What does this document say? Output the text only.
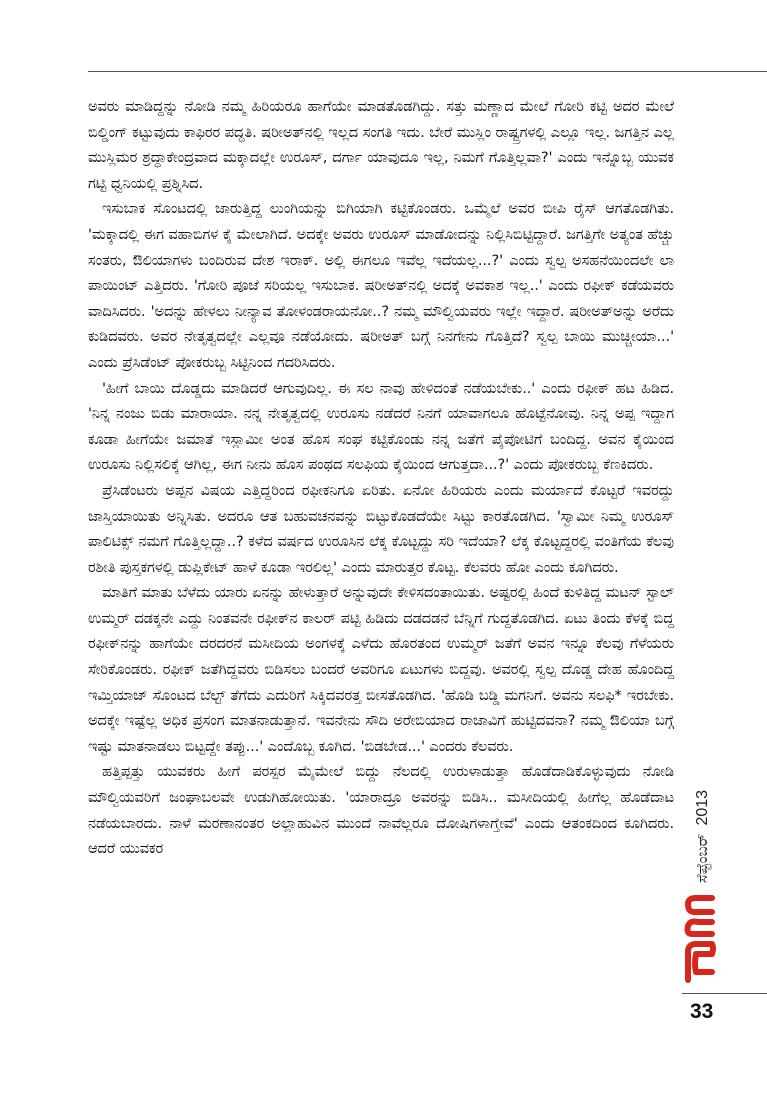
ಅವರು ಮಾಡಿದ್ದನ್ನು ನೋಡಿ ನಮ್ಮ ಹಿರಿಯರೂ ಹಾಗೆಯೇ ಮಾಡತೊಡಗಿದ್ದು. ಸತ್ತು ಮಣ್ಣಾದ ಮೇಲೆ ಗೋರಿ ಕಟ್ಟಿ ಅದರ ಮೇಲೆ ಬಿಲ್ಡಿಂಗ್ ಕಟ್ಟುವುದು ಕಾಫಿರರ ಪದ್ಧತಿ. ಷರೀಅತ್‌ನಲ್ಲಿ ಇಲ್ಲದ ಸಂಗತಿ ಇದು. ಬೇರೆ ಮುಸ್ಲಿಂ ರಾಷ್ಟ್ರಗಳಲ್ಲಿ ಎಲ್ಲೂ ಇಲ್ಲ. ಜಗತ್ತಿನ ಎಲ್ಲ ಮುಸ್ಲಿಮರ ಶ್ರದ್ಧಾಕೇಂದ್ರವಾದ ಮಕ್ಕಾದಲ್ಲೇ ಉರೂಸ್, ದರ್ಗಾ ಯಾವುದೂ ಇಲ್ಲ, ನಿಮಗೆ ಗೊತ್ತಿಲ್ಲವಾ?' ಎಂದು ಇನ್ನೊಬ್ಬ ಯುವಕ ಗಟ್ಟಿ ಧ್ವನಿಯಲ್ಲಿ ಪ್ರಶ್ನಿಸಿದ.

ಇಸುಬಾಕ ಸೊಂಟದಲ್ಲಿ ಜಾರುತ್ತಿದ್ದ ಲುಂಗಿಯನ್ನು ಬಿಗಿಯಾಗಿ ಕಟ್ಟಿಕೊಂಡರು. ಒಮ್ಮೆಲೆ ಅವರ ಬೀಪಿ ರೈಸ್ ಆಗತೊಡಗಿತು. 'ಮಕ್ಕಾದಲ್ಲಿ ಈಗ ವಹಾಬಿಗಳ ಕೈ ಮೇಲಾಗಿದೆ. ಅದಕ್ಕೇ ಅವರು ಉರೂಸ್ ಮಾಡೋದನ್ನು ನಿಲ್ಲಿಸಿಬಿಟ್ಟಿದ್ದಾರೆ. ಜಗತ್ತಿಗೇ ಅತ್ಯಂತ ಹೆಚ್ಚು ಸಂತರು, ಔಲಿಯಾಗಳು ಬಂದಿರುವ ದೇಶ ಇರಾಕ್. ಅಲ್ಲಿ ಈಗಲೂ ಇವೆಲ್ಲ ಇದೆಯಲ್ಲ...?' ಎಂದು ಸ್ವಲ್ಪ ಅಸಹನೆಯಿಂದಲೇ ಲಾ ಪಾಯಿಂಟ್ ಎತ್ತಿದರು. 'ಗೋರಿ ಪೂಜೆ ಸರಿಯಲ್ಲ ಇಸುಬಾಕ. ಷರೀಅತ್‌ನಲ್ಲಿ ಅದಕ್ಕೆ ಅವಕಾಶ ಇಲ್ಲ..' ಎಂದು ರಫೀಕ್ ಕಡೆಯವರು ವಾದಿಸಿದರು. 'ಅದನ್ನು ಹೇಳಲು ನೀನ್ಯಾವ ತೋಳಂಡರಾಯನೋ..? ನಮ್ಮ ಮೌಲ್ವಿಯವರು ಇಲ್ಲೇ ಇದ್ದಾರೆ. ಷರೀಅತ್‌ಅನ್ನು ಅರೆದು ಕುಡಿದವರು. ಅವರ ನೇತೃತ್ವದಲ್ಲೇ ಎಲ್ಲವೂ ನಡೆಯೋದು. ಷರೀಅತ್ ಬಗ್ಗೆ ನಿನಗೇನು ಗೊತ್ತಿದೆ? ಸ್ವಲ್ಪ ಬಾಯಿ ಮುಚ್ಚೀಯಾ...' ಎಂದು ಪ್ರೆಸಿಡೆಂಟ್ ಪೋಕರುಬ್ಬ ಸಿಟ್ಟಿನಿಂದ ಗದರಿಸಿದರು.

'ಹೀಗೆ ಬಾಯಿ ದೊಡ್ಡದು ಮಾಡಿದರೆ ಆಗುವುದಿಲ್ಲ. ಈ ಸಲ ನಾವು ಹೇಳಿದಂತೆ ನಡೆಯಬೇಕು..' ಎಂದು ರಫೀಕ್ ಹಟ ಹಿಡಿದ. 'ನಿನ್ನ ನಂಜು ಬಿಡು ಮಾರಾಯಾ. ನನ್ನ ನೇತೃತ್ವದಲ್ಲಿ ಉರೂಸು ನಡೆದರೆ ನಿನಗೆ ಯಾವಾಗಲೂ ಹೊಟ್ಟೆನೋವು. ನಿನ್ನ ಅಪ್ಪ ಇದ್ದಾಗ ಕೂಡಾ ಹೀಗೆಯೇ ಜಮಾತೆ ಇಸ್ಲಾಮೀ ಅಂತ ಹೊಸ ಸಂಘ ಕಟ್ಟಿಕೊಂಡು ನನ್ನ ಜತೆಗೆ ಪೈಪೋಟಿಗೆ ಬಂದಿದ್ದ. ಅವನ ಕೈಯಿಂದ ಉರೂಸು ನಿಲ್ಲಿಸಲಿಕ್ಕೆ ಆಗಿಲ್ಲ, ಈಗ ನೀನು ಹೊಸ ಪಂಥದ ಸಲಫಿಯ ಕೈಯಿಂದ ಆಗುತ್ತದಾ...?' ಎಂದು ಪೋಕರುಬ್ಬ ಕೆಣಕಿದರು.

ಪ್ರೆಸಿಡೆಂಟರು ಅಪ್ಪನ ವಿಷಯ ಎತ್ತಿದ್ದರಿಂದ ರಫೀಕನಿಗೂ ಏರಿತು. ಏನೋ ಹಿರಿಯರು ಎಂದು ಮರ್ಯಾದೆ ಕೊಟ್ಟರೆ ಇವರದ್ದು ಜಾಸ್ತಿಯಾಯಿತು ಅನ್ನಿಸಿತು. ಅದರೂ ಆತ ಬಹುವಚನವನ್ನು ಬಿಟ್ಟುಕೊಡದೆಯೇ ಸಿಟ್ಟು ಕಾರತೊಡಗಿದ. 'ಸ್ವಾಮೀ ನಿಮ್ಮ ಉರೂಸ್ ಪಾಲಿಟಿಕ್ಸ್ ನಮಗೆ ಗೊತ್ತಿಲ್ಲದ್ದಾ..? ಕಳೆದ ವರ್ಷದ ಉರೂಸಿನ ಲೆಕ್ಕ ಕೊಟ್ಟದ್ದು ಸರಿ ಇದೆಯಾ? ಲೆಕ್ಕ ಕೊಟ್ಟದ್ದರಲ್ಲಿ ವಂತಿಗೆಯ ಕೆಲವು ರಶೀತಿ ಪುಸ್ತಕಗಳಲ್ಲಿ ಡುಪ್ಲಿಕೇಟ್ ಹಾಳೆ ಕೂಡಾ ಇರಲಿಲ್ಲ' ಎಂದು ಮಾರುತ್ತರ ಕೊಟ್ಟ. ಕೆಲವರು ಹೋ ಎಂದು ಕೂಗಿದರು.

ಮಾತಿಗೆ ಮಾತು ಬೆಳೆದು ಯಾರು ಏನನ್ನು ಹೇಳುತ್ತಾರೆ ಅನ್ನುವುದೇ ಕೇಳಿಸದಂತಾಯಿತು. ಅಷ್ಟರಲ್ಲಿ ಹಿಂದೆ ಕುಳಿತಿದ್ದ ಮಟನ್ ಸ್ಟಾಲ್ ಉಮ್ಮರ್ ದಡಕ್ಕನೇ ಎದ್ದು ನಿಂತವನೇ ರಫೀಕ್‌ನ ಕಾಲರ್ ಪಟ್ಟಿ ಹಿಡಿದು ದಡದಡನೆ ಬೆನ್ನಿಗೆ ಗುದ್ದತೊಡಗಿದ. ಏಟು ತಿಂದು ಕೆಳಕ್ಕೆ ಬಿದ್ದ ರಫೀಕ್‌ನನ್ನು ಹಾಗೆಯೇ ದರದರನೆ ಮಸೀದಿಯ ಅಂಗಳಕ್ಕೆ ಎಳೆದು ಹೊರತಂದ ಉಮ್ಮರ್ ಜತೆಗೆ ಅವನ ಇನ್ನೂ ಕೆಲವು ಗೆಳೆಯರು ಸೇರಿಕೊಂಡರು. ರಫೀಕ್ ಜತೆಗಿದ್ದವರು ಬಿಡಿಸಲು ಬಂದರೆ ಅವರಿಗೂ ಏಟುಗಳು ಬಿದ್ದವು. ಅವರಲ್ಲಿ ಸ್ವಲ್ಪ ದೊಡ್ಡ ದೇಹ ಹೊಂದಿದ್ದ ಇಮ್ತಿಯಾಜ್ ಸೊಂಟದ ಬೆಲ್ಟ್ ತೆಗೆದು ಎದುರಿಗೆ ಸಿಕ್ಕಿದವರತ್ತ ಬೀಸತೊಡಗಿದ. 'ಹೊಡಿ ಬಡ್ಡಿ ಮಗನಿಗೆ. ಅವನು ಸಲಫಿ* ಇರಬೇಕು. ಅದಕ್ಕೇ ಇಷ್ಟೆಲ್ಲ ಅಧಿಕ ಪ್ರಸಂಗ ಮಾತನಾಡುತ್ತಾನೆ. ಇವನೇನು ಸೌದಿ ಅರೇಬಿಯಾದ ರಾಜಾವಿಗೆ ಹುಟ್ಟಿದವನಾ? ನಮ್ಮ ಔಲಿಯಾ ಬಗ್ಗೆ ಇಷ್ಟು ಮಾತನಾಡಲು ಬಿಟ್ಟದ್ದೇ ತಪ್ಪು...' ಎಂದೊಬ್ಬ ಕೂಗಿದ. 'ಬಿಡಬೇಡ...' ಎಂದರು ಕೆಲವರು.

ಹತ್ತಿಪ್ಪತ್ತು ಯುವಕರು ಹೀಗೆ ಪರಸ್ಪರ ಮೈಮೇಲೆ ಬಿದ್ದು ನೆಲದಲ್ಲಿ ಉರುಳಾಡುತ್ತಾ ಹೊಡೆದಾಡಿಕೊಳ್ಳುವುದು ನೋಡಿ ಮೌಲ್ವಿಯವರಿಗೆ ಜಂಘಾಬಲವೇ ಉಡುಗಿಹೋಯಿತು. 'ಯಾರಾದ್ರೂ ಅವರನ್ನು ಬಿಡಿಸಿ.. ಮಸೀದಿಯಲ್ಲಿ ಹೀಗೆಲ್ಲ ಹೊಡೆದಾಟ ನಡೆಯಬಾರದು. ನಾಳೆ ಮರಣಾನಂತರ ಅಲ್ಲಾಹುವಿನ ಮುಂದೆ ನಾವೆಲ್ಲರೂ ದೋಷಿಗಳಾಗ್ತೇವೆ' ಎಂದು ಆತಂಕದಿಂದ ಕೂಗಿದರು. ಆದರೆ ಯುವಕರ	ಸೆಪ್ಟೆಂಬರ್2013
33
